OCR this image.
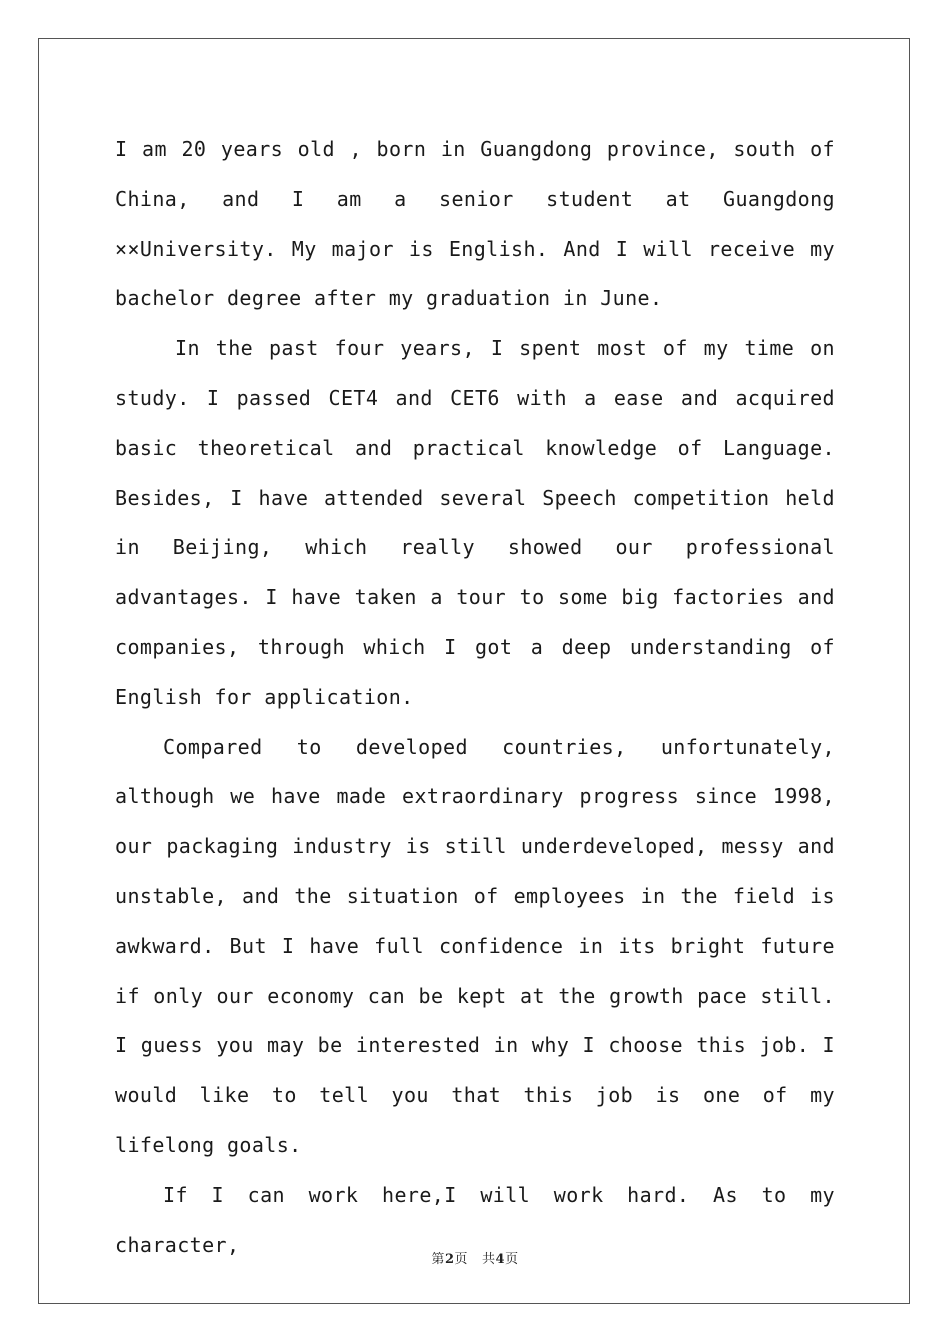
I am 20 years old , born in Guangdong province, south of China, and I am a senior student at Guangdong ××University. My major is English. And I will receive my bachelor degree after my graduation in June.

In the past four years, I spent most of my time on study. I passed CET4 and CET6 with a ease and acquired basic theoretical and practical knowledge of Language. Besides, I have attended several Speech competition held in Beijing, which really showed our professional advantages. I have taken a tour to some big factories and companies, through which I got a deep understanding of English for application.

Compared to developed countries, unfortunately, although we have made extraordinary progress since 1998, our packaging industry is still underdeveloped, messy and unstable, and the situation of employees in the field is awkward. But I have full confidence in its bright future if only our economy can be kept at the growth pace still. I guess you may be interested in why I choose this job. I would like to tell you that this job is one of my lifelong goals.

If I can work here,I will work hard. As to my character,

第2页 共4页
